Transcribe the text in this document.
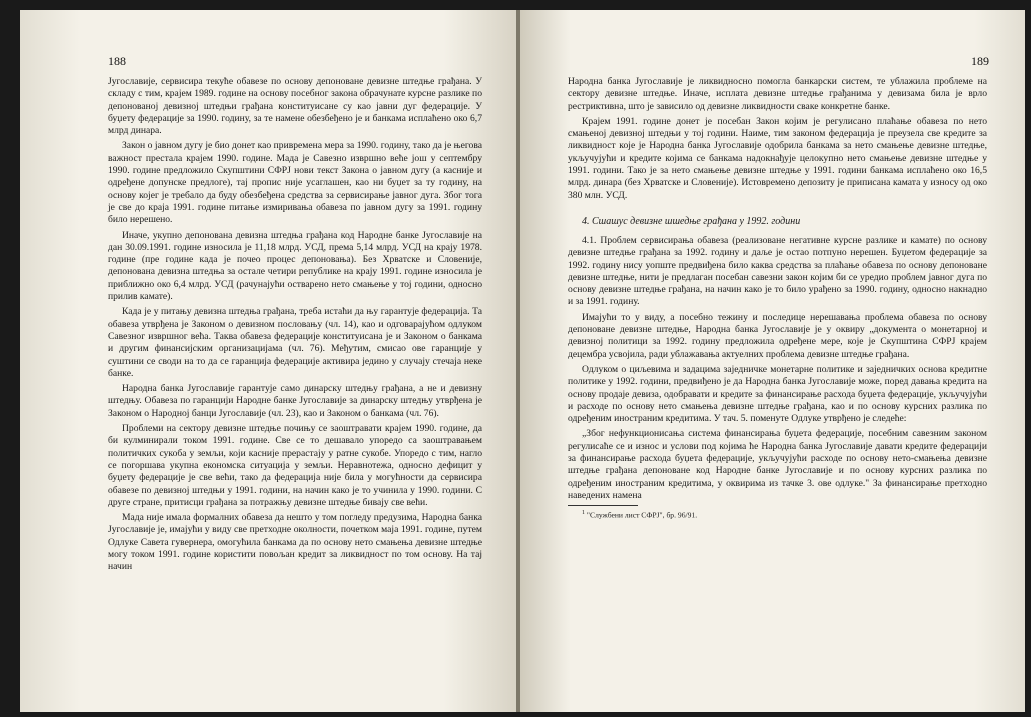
188

Југославије, сервисира текуће обавезе по основу депоноване девизне штедње грађана. У складу с тим, крајем 1989. године на основу посебног закона обрачунате курсне разлике по депонованој девизној штедњи грађана конституисане су као јавни дуг федерације. У буџету федерације за 1990. годину, за те намене обезбеђено је и банкама исплаћено око 6,7 млрд динара.

Закон о јавном дугу је био донет као привремена мера за 1990. годину, тако да је његова важност престала крајем 1990. године. Мада је Савезно извршно веће још у септембру 1990. године предложило Скупштини СФРЈ нови текст Закона о јавном дугу (а касније и одређене допунске предлоге), тај пропис није усаглашен, као ни буџет за ту годину, на основу којег је требало да буду обезбеђена средства за сервисирање јавног дуга. Због тога је све до краја 1991. године питање измиривања обавеза по јавном дугу за 1991. годину било нерешено.

Иначе, укупно депонована девизна штедња грађана код Народне банке Југославије на дан 30.09.1991. године износила је 11,18 млрд. УСД, према 5,14 млрд. УСД на крају 1978. године (пре године када је почео процес депоновања). Без Хрватске и Словеније, депонована девизна штедња за остале четири републике на крају 1991. године износила је приближно око 6,4 млрд. УСД (рачунајући остварено нето смањење у тој години, односно прилив камате).

Када је у питању девизна штедња грађана, треба истаћи да њу гарантује федерација. Та обавеза утврђена је Законом о девизном пословању (чл. 14), као и одговарајућом одлуком Савезног извршног већа. Таква обавеза федерације конституисана је и Законом о банкама и другим финансијским организацијама (чл. 76). Међутим, смисао ове гаранције у суштини се своди на то да се гаранција федерације активира једино у случају стечаја неке банке.

Народна банка Југославије гарантује само динарску штедњу грађана, а не и девизну штедњу. Обавеза по гаранцији Народне банке Југославије за динарску штедњу утврђена је Законом о Народној банци Југославије (чл. 23), као и Законом о банкама (чл. 76).

Проблеми на сектору девизне штедње почињу се заоштравати крајем 1990. године, да би кулминирали током 1991. године. Све се то дешавало упоредо са заоштравањем политичких сукоба у земљи, који касније прерастају у ратне сукобе. Упоредо с тим, нагло се погоршава укупна економска ситуација у земљи. Неравнотежа, односно дефицит у буџету федерације је све већи, тако да федерација није била у могућности да сервисира обавезе по девизној штедњи у 1991. години, на начин како је то учинила у 1990. години. С друге стране, притисци грађана за потражњу девизне штедње бивају све већи.

Мада није имала формалних обавеза да нешто у том погледу предузима, Народна банка Југославије је, имајући у виду све претходне околности, почетком маја 1991. године, путем Одлуке Савета гувернера, омогућила банкама да по основу нето смањења девизне штедње могу током 1991. године користити повољан кредит за ликвидност по том основу. На тај начин

189

Народна банка Југославије је ликвидносно помогла банкарски систем, те ублажила проблеме на сектору девизне штедње. Иначе, исплата девизне штедње грађанима у девизама била је врло рестриктивна, што је зависило од девизне ликвидности сваке конкретне банке.

Крајем 1991. године донет је посебан Закон којим је регулисано плаћање обавеза по нето смањеној девизној штедњи у тој години. Наиме, тим законом федерација је преузела све кредите за ликвидност које је Народна банка Југославије одобрила банкама за нето смањење девизне штедње, укључујући и кредите којима се банкама надокнађује целокупно нето смањење девизне штедње у 1991. години. Тако је за нето смањење девизне штедње у 1991. години банкама исплаћено око 16,5 млрд. динара (без Хрватске и Словеније). Истовремено депозиту је приписана камата у износу од око 380 млн. УСД.

4. Сшашус девизне шшедње грађана у 1992. години

4.1. Проблем сервисирања обавеза (реализоване негативне курсне разлике и камате) по основу девизне штедње грађана за 1992. годину и даље је остао потпуно нерешен. Буџетом федерације за 1992. годину нису уопште предвиђена било каква средства за плаћање обавеза по основу депоноване девизне штедње, нити је предлаган посебан савезни закон којим би се уредио проблем јавног дуга по основу девизне штедње грађана, на начин како је то било урађено за 1990. годину, односно накнадно и за 1991. годину.

Имајући то у виду, а посебно тежину и последице нерешавања проблема обавеза по основу депоноване девизне штедње, Народна банка Југославије је у оквиру „документа о монетарној и девизној политици за 1992. годину предложила одређене мере, које је Скупштина СФРЈ крајем децембра усвојила, ради ублажавања актуелних проблема девизне штедње грађана.

Одлуком о циљевима и задацима заједничке монетарне политике и заједничких основа кредитне политике у 1992. години, предвиђено је да Народна банка Југославије може, поред давања кредита на основу продаје девиза, одобравати и кредите за финансирање расхода буџета федерације, укључујући и расходе по основу нето смањења девизне штедње грађана, као и по основу курсних разлика по одређеним иностраним кредитима. У тач. 5. поменуте Одлуке утврђено је следеће:

„Због нефункционисања система финансирања буџета федерације, посебним савезним законом регулисаће се и износ и услови под којима ће Народна банка Југославије давати кредите федерацији за финансирање расхода буџета федерације, укључујући расходе по основу нето-смањења девизне штедње грађана депоноване код Народне банке Југославије и по основу курсних разлика по одређеним иностраним кредитима, у оквирима из тачке 3. ове одлуке." За финансирање претходно наведених намена

$^1$ "Службени лист СФРЈ", бр. 96/91.
